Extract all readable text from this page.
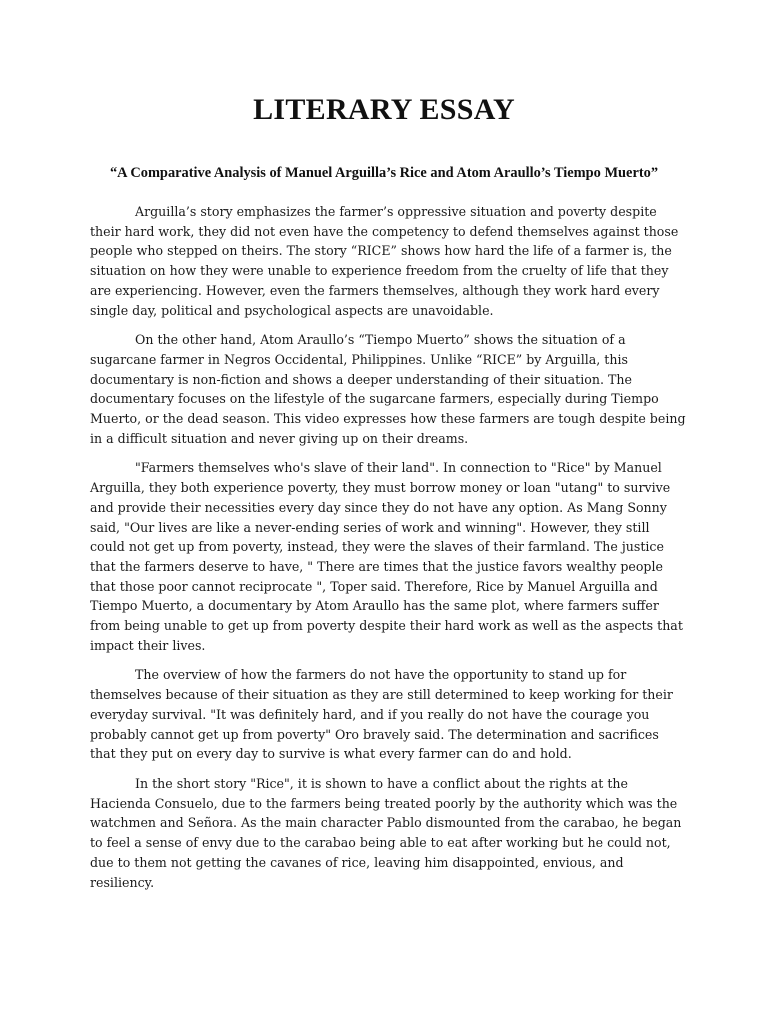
LITERARY ESSAY
“A Comparative Analysis of Manuel Arguilla’s Rice and Atom Araullo’s Tiempo Muerto”

Arguilla’s story emphasizes the farmer’s oppressive situation and poverty despite their hard work, they did not even have the competency to defend themselves against those people who stepped on theirs. The story “RICE” shows how hard the life of a farmer is, the situation on how they were unable to experience freedom from the cruelty of life that they are experiencing. However, even the farmers themselves, although they work hard every single day, political and psychological aspects are unavoidable.

On the other hand, Atom Araullo’s “Tiempo Muerto” shows the situation of a sugarcane farmer in Negros Occidental, Philippines. Unlike “RICE” by Arguilla, this documentary is non-fiction and shows a deeper understanding of their situation. The documentary focuses on the lifestyle of the sugarcane farmers, especially during Tiempo Muerto, or the dead season. This video expresses how these farmers are tough despite being in a difficult situation and never giving up on their dreams.

"Farmers themselves who's slave of their land". In connection to "Rice" by Manuel Arguilla, they both experience poverty, they must borrow money or loan "utang" to survive and provide their necessities every day since they do not have any option. As Mang Sonny said, "Our lives are like a never-ending series of work and winning". However, they still could not get up from poverty, instead, they were the slaves of their farmland. The justice that the farmers deserve to have, " There are times that the justice favors wealthy people that those poor cannot reciprocate ", Toper said. Therefore, Rice by Manuel Arguilla and Tiempo Muerto, a documentary by Atom Araullo has the same plot, where farmers suffer from being unable to get up from poverty despite their hard work as well as the aspects that impact their lives.

The overview of how the farmers do not have the opportunity to stand up for themselves because of their situation as they are still determined to keep working for their everyday survival. "It was definitely hard, and if you really do not have the courage you probably cannot get up from poverty" Oro bravely said. The determination and sacrifices that they put on every day to survive is what every farmer can do and hold.

In the short story "Rice", it is shown to have a conflict about the rights at the Hacienda Consuelo, due to the farmers being treated poorly by the authority which was the watchmen and Señora. As the main character Pablo dismounted from the carabao, he began to feel a sense of envy due to the carabao being able to eat after working but he could not, due to them not getting the cavanes of rice, leaving him disappointed, envious, and resiliency.
